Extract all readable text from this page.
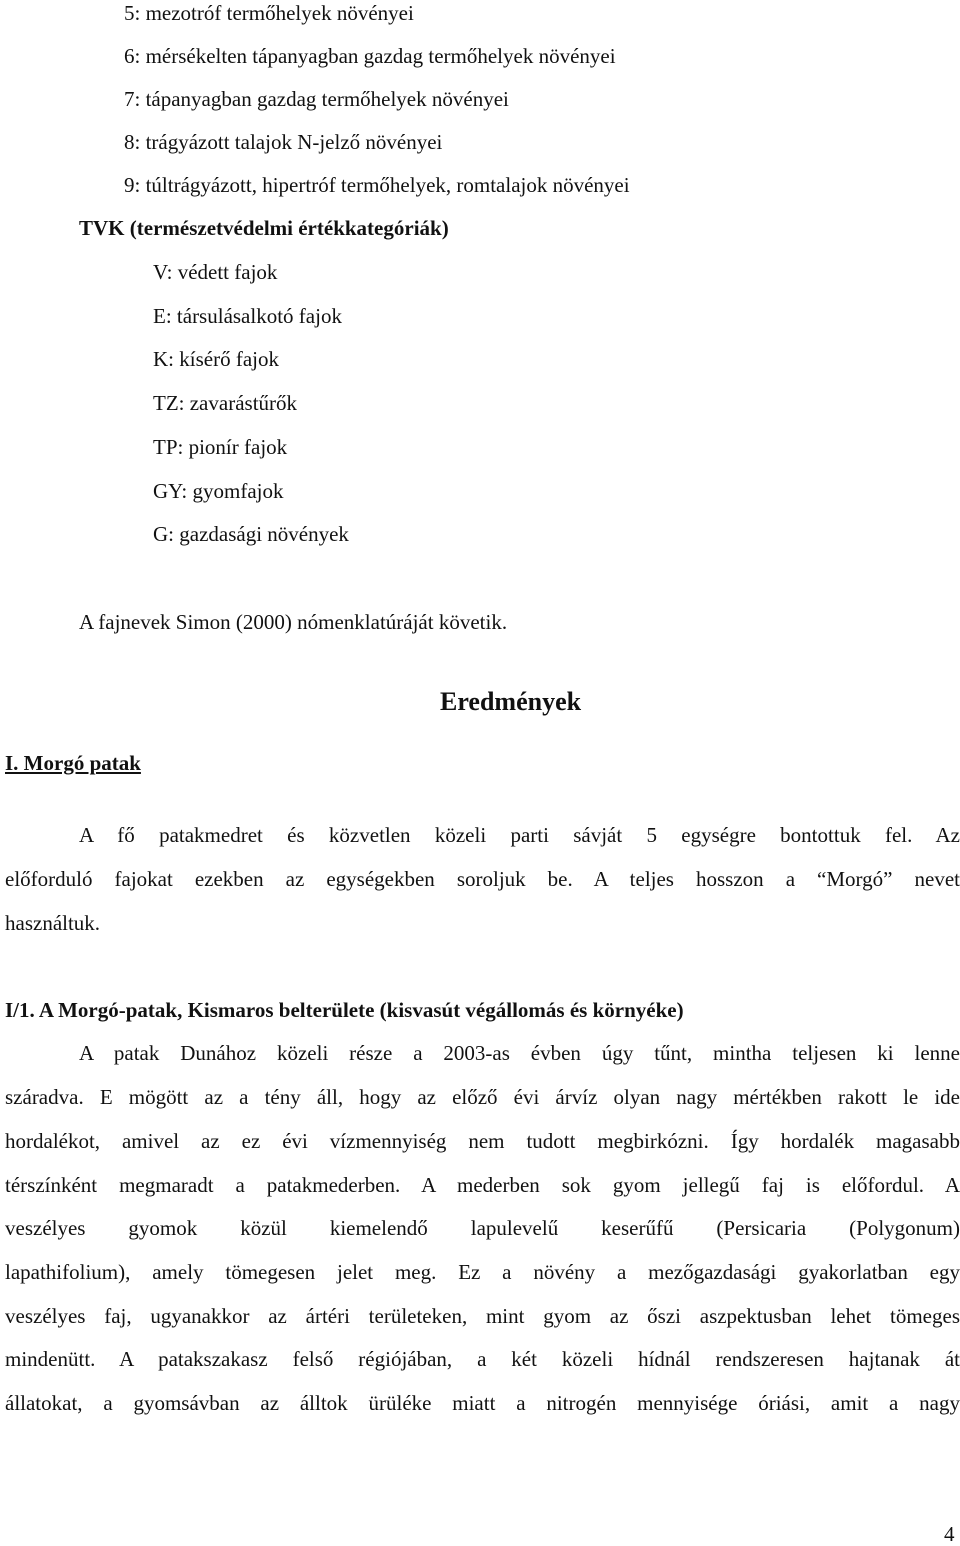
5: mezotróf termőhelyek növényei

6: mérsékelten tápanyagban gazdag termőhelyek növényei

7: tápanyagban gazdag termőhelyek növényei

8: trágyázott talajok N-jelző növényei

9: túltrágyázott, hipertróf termőhelyek, romtalajok növényei

TVK (természetvédelmi értékkategóriák)

V: védett fajok

E: társulásalkotó fajok

K: kísérő fajok

TZ: zavarástűrők

TP: pionír fajok

GY: gyomfajok

G: gazdasági növények

A fajnevek Simon (2000) nómenklatúráját követik.

Eredmények

I. Morgó patak

A fő patakmedret és közvetlen közeli parti sávját 5 egységre bontottuk fel. Az

előforduló fajokat ezekben az egységekben soroljuk be. A teljes hosszon a “Morgó” nevet

használtuk.

I/1. A Morgó-patak, Kismaros belterülete (kisvasút végállomás és környéke)

A patak Dunához közeli része a 2003-as évben úgy tűnt, mintha teljesen ki lenne

száradva. E mögött az a tény áll, hogy az előző évi árvíz olyan nagy mértékben rakott le ide

hordalékot, amivel az ez évi vízmennyiség nem tudott megbirkózni. Így hordalék magasabb

térszínként megmaradt a patakmederben. A mederben sok gyom jellegű faj is előfordul. A

veszélyes gyomok közül kiemelendő lapulevelű keserűfű (Persicaria (Polygonum)

lapathifolium), amely tömegesen jelet meg. Ez a növény a mezőgazdasági gyakorlatban egy

veszélyes faj, ugyanakkor az ártéri területeken, mint gyom az őszi aszpektusban lehet tömeges

mindenütt. A patakszakasz felső régiójában, a két közeli hídnál rendszeresen hajtanak át

állatokat, a gyomsávban az álltok ürüléke miatt a nitrogén mennyisége óriási, amit a nagy

4
